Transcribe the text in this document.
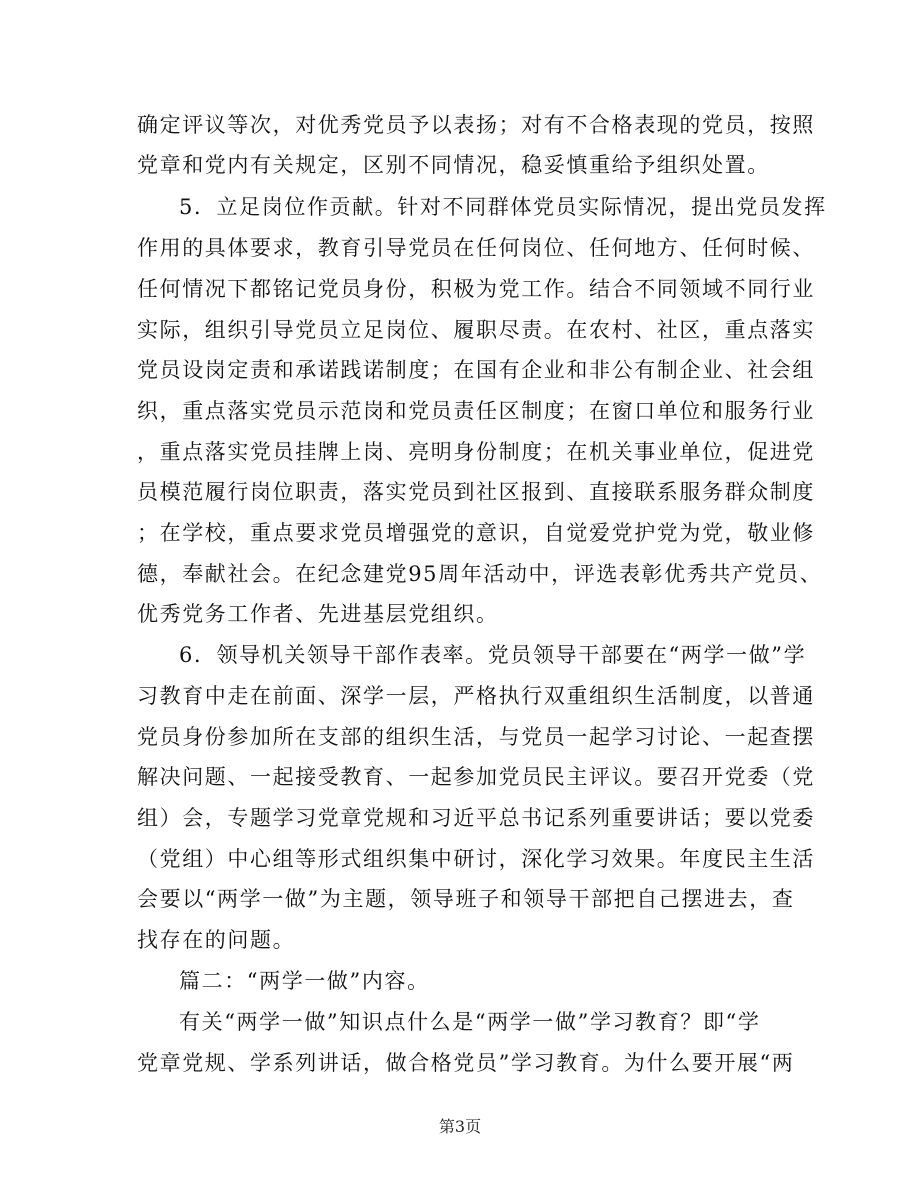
确定评议等次，对优秀党员予以表扬；对有不合格表现的党员，按照
党章和党内有关规定，区别不同情况，稳妥慎重给予组织处置。
5．立足岗位作贡献。针对不同群体党员实际情况，提出党员发挥
作用的具体要求，教育引导党员在任何岗位、任何地方、任何时候、
任何情况下都铭记党员身份，积极为党工作。结合不同领域不同行业
实际，组织引导党员立足岗位、履职尽责。在农村、社区，重点落实
党员设岗定责和承诺践诺制度；在国有企业和非公有制企业、社会组
织，重点落实党员示范岗和党员责任区制度；在窗口单位和服务行业
，重点落实党员挂牌上岗、亮明身份制度；在机关事业单位，促进党
员模范履行岗位职责，落实党员到社区报到、直接联系服务群众制度
；在学校，重点要求党员增强党的意识，自觉爱党护党为党，敬业修
德，奉献社会。在纪念建党95周年活动中，评选表彰优秀共产党员、
优秀党务工作者、先进基层党组织。
6．领导机关领导干部作表率。党员领导干部要在“两学一做”学
习教育中走在前面、深学一层，严格执行双重组织生活制度，以普通
党员身份参加所在支部的组织生活，与党员一起学习讨论、一起查摆
解决问题、一起接受教育、一起参加党员民主评议。要召开党委（党
组）会，专题学习党章党规和习近平总书记系列重要讲话；要以党委
（党组）中心组等形式组织集中研讨，深化学习效果。年度民主生活
会要以“两学一做”为主题，领导班子和领导干部把自己摆进去，查
找存在的问题。
篇二：“两学一做”内容。
有关“两学一做”知识点什么是“两学一做”学习教育？即“学
党章党规、学系列讲话，做合格党员”学习教育。为什么要开展“两
第3页
